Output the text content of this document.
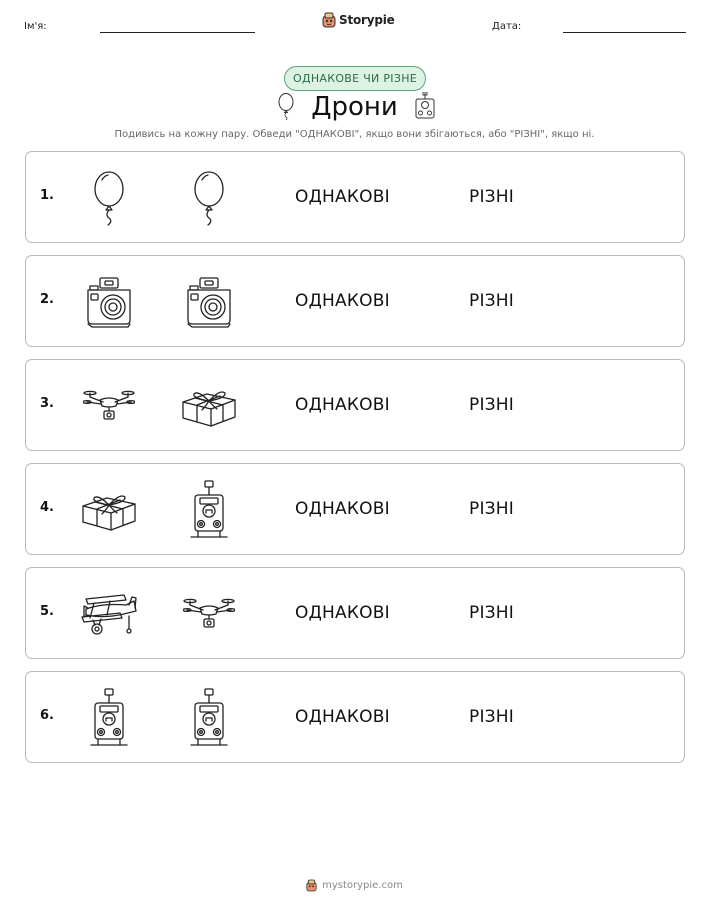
Ім'я:	Storypie	Дата:
ОДНАКОВЕ ЧИ РІЗНЕ
Дрони
Подивись на кожну пару. Обведи "ОДНАКОВІ", якщо вони збігаються, або "РІЗНІ", якщо ні.
1.	ОДНАКОВІ	РІЗНІ
2.	ОДНАКОВІ	РІЗНІ
3.	ОДНАКОВІ	РІЗНІ
4.	ОДНАКОВІ	РІЗНІ
5.	ОДНАКОВІ	РІЗНІ
6.	ОДНАКОВІ	РІЗНІ
mystorypie.com
